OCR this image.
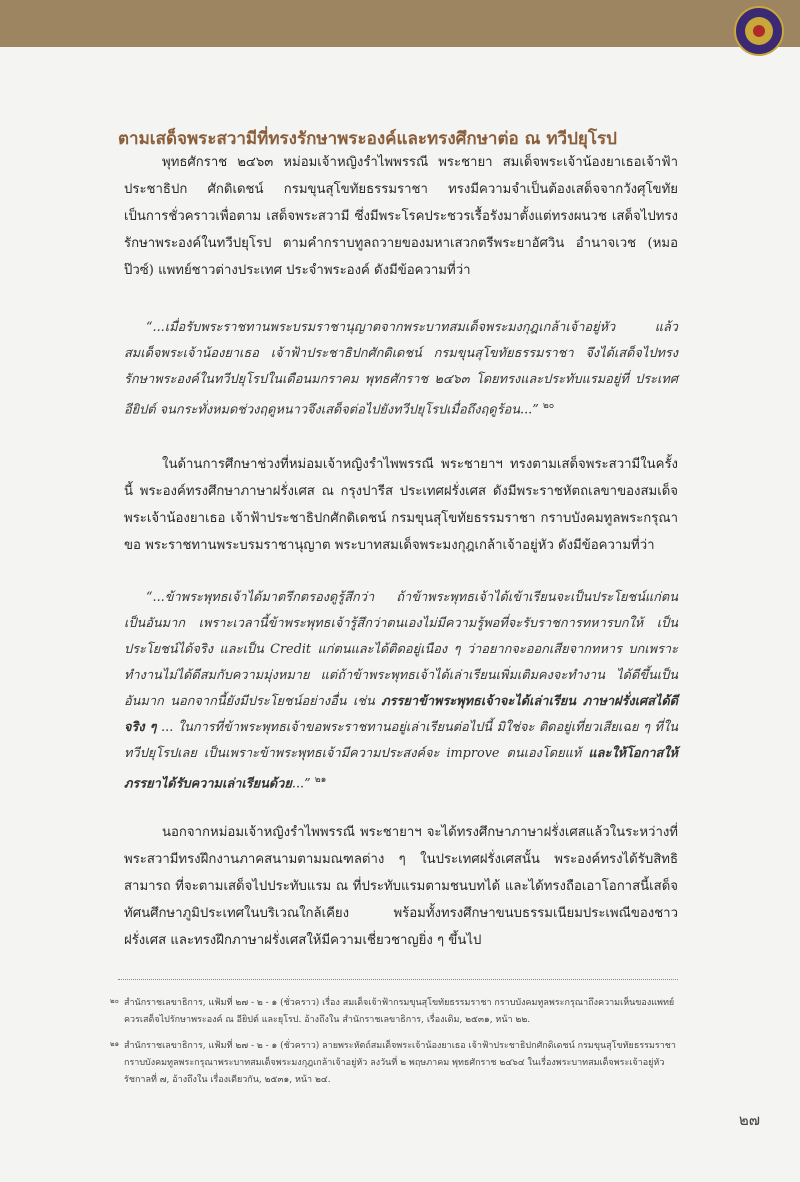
ตามเสด็จพระสวามีที่ทรงรักษาพระองค์และทรงศึกษาต่อ ณ ทวีปยุโรป
พุทธศักราช ๒๔๖๓ หม่อมเจ้าหญิงรำไพพรรณี พระชายา สมเด็จพระเจ้าน้องยาเธอเจ้าฟ้าประชาธิปก ศักดิเดชน์ กรมขุนสุโขทัยธรรมราชา ทรงมีความจำเป็นต้องเสด็จจากวังศุโขทัย เป็นการชั่วคราวเพื่อตาม เสด็จพระสวามี ซึ่งมีพระโรคประชวรเรื้อรังมาตั้งแต่ทรงผนวช เสด็จไปทรงรักษาพระองค์ในทวีปยุโรป ตามคำกราบทูลถวายของมหาเสวกตรีพระยาอัศวิน อำนาจเวช (หมอป๊วซ์) แพทย์ชาวต่างประเทศ ประจำพระองค์ ดังมีข้อความที่ว่า
“...เมื่อรับพระราชทานพระบรมราชานุญาตจากพระบาทสมเด็จพระมงกุฎเกล้าเจ้าอยู่หัว แล้ว สมเด็จพระเจ้าน้องยาเธอ เจ้าฟ้าประชาธิปกศักดิเดชน์ กรมขุนสุโขทัยธรรมราชา จึงได้เสด็จไปทรง รักษาพระองค์ในทวีปยุโรปในเดือนมกราคม พุทธศักราช ๒๔๖๓ โดยทรงและประทับแรมอยู่ที่ ประเทศอียิปต์ จนกระทั่งหมดช่วงฤดูหนาวจึงเสด็จต่อไปยังทวีปยุโรปเมื่อถึงฤดูร้อน...” $^{๒๐}$
ในด้านการศึกษาช่วงที่หม่อมเจ้าหญิงรำไพพรรณี พระชายาฯ ทรงตามเสด็จพระสวามีในครั้งนี้ พระองค์ทรงศึกษาภาษาฝรั่งเศส ณ กรุงปารีส ประเทศฝรั่งเศส ดังมีพระราชหัตถเลขาของสมเด็จ พระเจ้าน้องยาเธอ เจ้าฟ้าประชาธิปกศักดิเดชน์ กรมขุนสุโขทัยธรรมราชา กราบบังคมทูลพระกรุณาขอ พระราชทานพระบรมราชานุญาต พระบาทสมเด็จพระมงกุฎเกล้าเจ้าอยู่หัว ดังมีข้อความที่ว่า
“...ข้าพระพุทธเจ้าได้มาตรึกตรองดูรู้สึกว่า ถ้าข้าพระพุทธเจ้าได้เข้าเรียนจะเป็นประโยชน์แก่ตน เป็นอันมาก เพราะเวลานี้ข้าพระพุทธเจ้ารู้สึกว่าตนเองไม่มีความรู้พอที่จะรับราชการทหารบกให้ เป็นประโยชน์ได้จริง และเป็น Credit แก่ตนและได้ติดอยู่เนือง ๆ ว่าอยากจะออกเสียจากทหาร บกเพราะทำงานไม่ได้ดีสมกับความมุ่งหมาย แต่ถ้าข้าพระพุทธเจ้าได้เล่าเรียนเพิ่มเติมคงจะทำงาน ได้ดีขึ้นเป็นอันมาก นอกจากนี้ยังมีประโยชน์อย่างอื่น เช่น ภรรยาข้าพระพุทธเจ้าจะได้เล่าเรียน ภาษาฝรั่งเศสได้ดีจริง ๆ ... ในการที่ข้าพระพุทธเจ้าขอพระราชทานอยู่เล่าเรียนต่อไปนี้ มิใช่จะ ติดอยู่เที่ยวเสียเฉย ๆ ที่ในทวีปยุโรปเลย เป็นเพราะข้าพระพุทธเจ้ามีความประสงค์จะ improve ตนเองโดยแท้ และให้โอกาสให้ภรรยาได้รับความเล่าเรียนด้วย...” $^{๒๑}$
นอกจากหม่อมเจ้าหญิงรำไพพรรณี พระชายาฯ จะได้ทรงศึกษาภาษาฝรั่งเศสแล้วในระหว่างที่ พระสวามีทรงฝึกงานภาคสนามตามมณฑลต่าง ๆ ในประเทศฝรั่งเศสนั้น พระองค์ทรงได้รับสิทธิสามารถ ที่จะตามเสด็จไปประทับแรม ณ ที่ประทับแรมตามชนบทได้ และได้ทรงถือเอาโอกาสนี้เสด็จ ทัศนศึกษาภูมิประเทศในบริเวณใกล้เคียง พร้อมทั้งทรงศึกษาขนบธรรมเนียมประเพณีของชาวฝรั่งเศส และทรงฝึกภาษาฝรั่งเศสให้มีความเชี่ยวชาญยิ่ง ๆ ขึ้นไป
๒๐ สำนักราชเลขาธิการ, แฟ้มที่ ๒๗ - ๒ - ๑ (ชั่วคราว) เรื่อง สมเด็จเจ้าฟ้ากรมขุนสุโขทัยธรรมราชา กราบบังคมทูลพระกรุณาถึงความเห็นของแพทย์ ควรเสด็จไปรักษาพระองค์ ณ อียิปต์ และยุโรป. อ้างถึงใน สำนักราชเลขาธิการ, เรื่องเดิม, ๒๕๓๑, หน้า ๒๒.
๒๑ สำนักราชเลขาธิการ, แฟ้มที่ ๒๗ - ๒ - ๑ (ชั่วคราว) ลายพระหัตถ์สมเด็จพระเจ้าน้องยาเธอ เจ้าฟ้าประชาธิปกศักดิเดชน์ กรมขุนสุโขทัยธรรมราชา กราบบังคมทูลพระกรุณาพระบาทสมเด็จพระมงกุฎเกล้าเจ้าอยู่หัว ลงวันที่ ๒ พฤษภาคม พุทธศักราช ๒๔๖๔ ในเรื่องพระบาทสมเด็จพระเจ้าอยู่หัวรัชกาลที่ ๗, อ้างถึงใน เรื่องเดียวกัน, ๒๕๓๑, หน้า ๒๔.
๒๗
